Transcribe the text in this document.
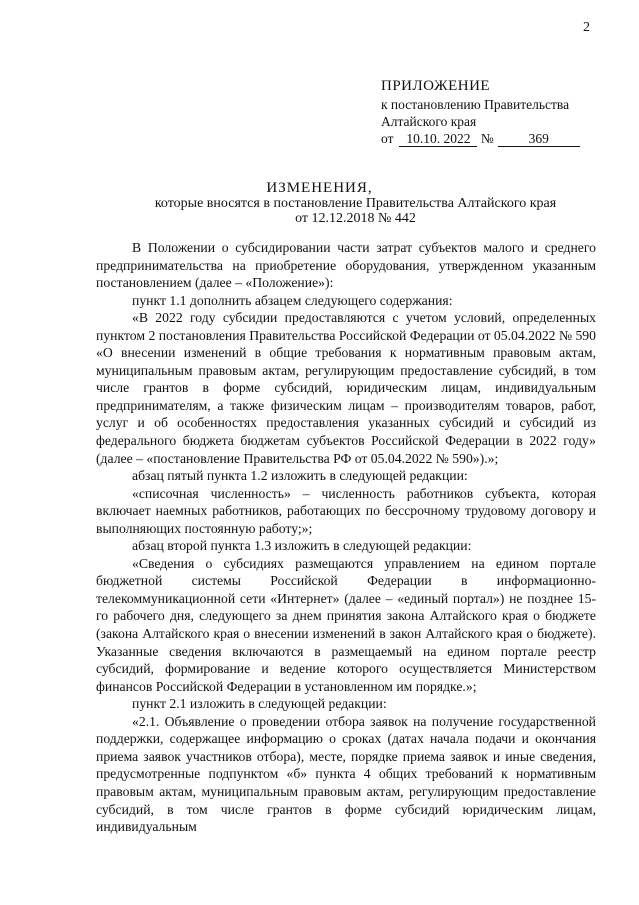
2
ПРИЛОЖЕНИЕ
к постановлению Правительства
Алтайского края
от 10.10. 2022 №	369
ИЗМЕНЕНИЯ,
которые вносятся в постановление Правительства Алтайского края
от 12.12.2018 № 442

В Положении о субсидировании части затрат субъектов малого и среднего предпринимательства на приобретение оборудования, утвержденном указанным постановлением (далее – «Положение»):

пункт 1.1 дополнить абзацем следующего содержания:

«В 2022 году субсидии предоставляются с учетом условий, определенных пунктом 2 постановления Правительства Российской Федерации от 05.04.2022 № 590 «О внесении изменений в общие требования к нормативным правовым актам, муниципальным правовым актам, регулирующим предоставление субсидий, в том числе грантов в форме субсидий, юридическим лицам, индивидуальным предпринимателям, а также физическим лицам – производителям товаров, работ, услуг и об особенностях предоставления указанных субсидий и субсидий из федерального бюджета бюджетам субъектов Российской Федерации в 2022 году» (далее – «постановление Правительства РФ от 05.04.2022 № 590»).»;

абзац пятый пункта 1.2 изложить в следующей редакции:

«списочная численность» – численность работников субъекта, которая включает наемных работников, работающих по бессрочному трудовому договору и выполняющих постоянную работу;»;

абзац второй пункта 1.3 изложить в следующей редакции:

«Сведения о субсидиях размещаются управлением на едином портале бюджетной системы Российской Федерации в информационно-телекоммуникационной сети «Интернет» (далее – «единый портал») не позднее 15-го рабочего дня, следующего за днем принятия закона Алтайского края о бюджете (закона Алтайского края о внесении изменений в закон Алтайского края о бюджете). Указанные сведения включаются в размещаемый на едином портале реестр субсидий, формирование и ведение которого осуществляется Министерством финансов Российской Федерации в установленном им порядке.»;

пункт 2.1 изложить в следующей редакции:

«2.1. Объявление о проведении отбора заявок на получение государственной поддержки, содержащее информацию о сроках (датах начала подачи и окончания приема заявок участников отбора), месте, порядке приема заявок и иные сведения, предусмотренные подпунктом «б» пункта 4 общих требований к нормативным правовым актам, муниципальным правовым актам, регулирующим предоставление субсидий, в том числе грантов в форме субсидий юридическим лицам, индивидуальным
